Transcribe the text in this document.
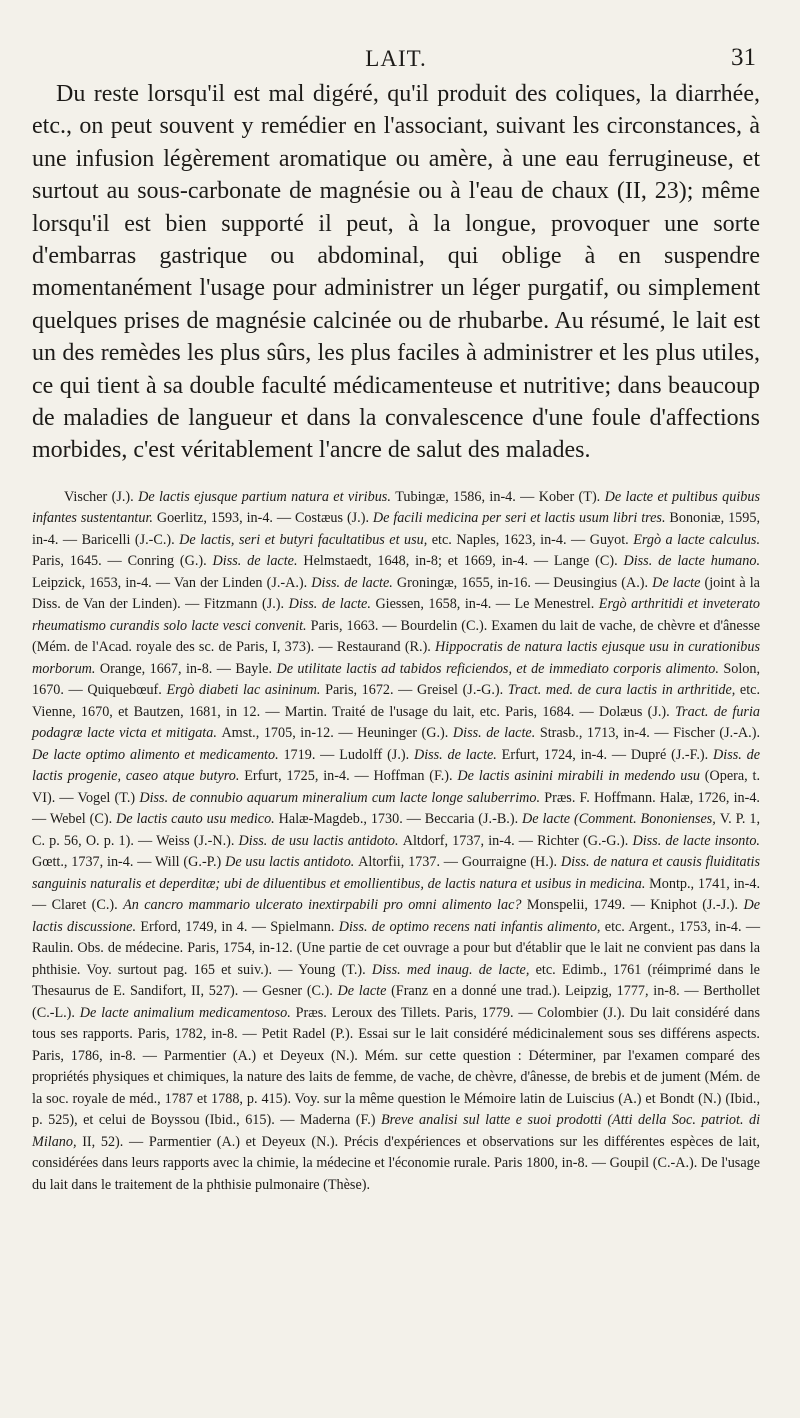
LAIT.	31

Du reste lorsqu'il est mal digéré, qu'il produit des coliques, la diarrhée, etc., on peut souvent y remédier en l'associant, suivant les circonstances, à une infusion légèrement aromatique ou amère, à une eau ferrugineuse, et surtout au sous-carbonate de magnésie ou à l'eau de chaux (II, 23); même lorsqu'il est bien supporté il peut, à la longue, provoquer une sorte d'embarras gastrique ou abdominal, qui oblige à en suspendre momentanément l'usage pour administrer un léger purgatif, ou simplement quelques prises de magnésie calcinée ou de rhubarbe. Au résumé, le lait est un des remèdes les plus sûrs, les plus faciles à administrer et les plus utiles, ce qui tient à sa double faculté médicamenteuse et nutritive; dans beaucoup de maladies de langueur et dans la convalescence d'une foule d'affections morbides, c'est véritablement l'ancre de salut des malades.

Vischer (J.). De lactis ejusque partium natura et viribus. Tubingæ, 1586, in-4. — Kober (T). De lacte et pultibus quibus infantes sustentantur. Goerlitz, 1593, in-4. — Costæus (J.). De facili medicina per seri et lactis usum libri tres. Bononiæ, 1595, in-4. — Baricelli (J.-C.). De lactis, seri et butyri facultatibus et usu, etc. Naples, 1623, in-4. — Guyot. Ergò a lacte calculus. Paris, 1645. — Conring (G.). Diss. de lacte. Helmstaedt, 1648, in-8; et 1669, in-4. — Lange (C). Diss. de lacte humano. Leipzick, 1653, in-4. — Van der Linden (J.-A.). Diss. de lacte. Groningæ, 1655, in-16. — Deusingius (A.). De lacte (joint à la Diss. de Van der Linden). — Fitzmann (J.). Diss. de lacte. Giessen, 1658, in-4. — Le Menestrel. Ergò arthritidi et inveterato rheumatismo curandis solo lacte vesci convenit. Paris, 1663. — Bourdelin (C.). Examen du lait de vache, de chèvre et d'ânesse (Mém. de l'Acad. royale des sc. de Paris, I, 373). — Restaurand (R.). Hippocratis de natura lactis ejusque usu in curationibus morborum. Orange, 1667, in-8. — Bayle. De utilitate lactis ad tabidos reficiendos, et de immediato corporis alimento. Solon, 1670. — Quiquebœuf. Ergò diabeti lac asininum. Paris, 1672. — Greisel (J.-G.). Tract. med. de cura lactis in arthritide, etc. Vienne, 1670, et Bautzen, 1681, in 12. — Martin. Traité de l'usage du lait, etc. Paris, 1684. — Dolæus (J.). Tract. de furia podagræ lacte victa et mitigata. Amst., 1705, in-12. — Heuninger (G.). Diss. de lacte. Strasb., 1713, in-4. — Fischer (J.-A.). De lacte optimo alimento et medicamento. 1719. — Ludolff (J.). Diss. de lacte. Erfurt, 1724, in-4. — Dupré (J.-F.). Diss. de lactis progenie, caseo atque butyro. Erfurt, 1725, in-4. — Hoffman (F.). De lactis asinini mirabili in medendo usu (Opera, t. VI). — Vogel (T.) Diss. de connubio aquarum mineralium cum lacte longe saluberrimo. Præs. F. Hoffmann. Halæ, 1726, in-4. — Webel (C). De lactis cauto usu medico. Halæ-Magdeb., 1730. — Beccaria (J.-B.). De lacte (Comment. Bononienses, V. P. 1, C. p. 56, O. p. 1). — Weiss (J.-N.). Diss. de usu lactis antidoto. Altdorf, 1737, in-4. — Richter (G.-G.). Diss. de lacte insonto. Gœtt., 1737, in-4. — Will (G.-P.) De usu lactis antidoto. Altorfii, 1737. — Gourraigne (H.). Diss. de natura et causis fluiditatis sanguinis naturalis et deperditæ; ubi de diluentibus et emollientibus, de lactis natura et usibus in medicina. Montp., 1741, in-4. — Claret (C.). An cancro mammario ulcerato inextirpabili pro omni alimento lac? Monspelii, 1749. — Kniphot (J.-J.). De lactis discussione. Erford, 1749, in 4. — Spielmann. Diss. de optimo recens nati infantis alimento, etc. Argent., 1753, in-4. — Raulin. Obs. de médecine. Paris, 1754, in-12. (Une partie de cet ouvrage a pour but d'établir que le lait ne convient pas dans la phthisie. Voy. surtout pag. 165 et suiv.). — Young (T.). Diss. med inaug. de lacte, etc. Edimb., 1761 (réimprimé dans le Thesaurus de E. Sandifort, II, 527). — Gesner (C.). De lacte (Franz en a donné une trad.). Leipzig, 1777, in-8. — Berthollet (C.-L.). De lacte animalium medicamentoso. Præs. Leroux des Tillets. Paris, 1779. — Colombier (J.). Du lait considéré dans tous ses rapports. Paris, 1782, in-8. — Petit Radel (P.). Essai sur le lait considéré médicinalement sous ses différens aspects. Paris, 1786, in-8. — Parmentier (A.) et Deyeux (N.). Mém. sur cette question : Déterminer, par l'examen comparé des propriétés physiques et chimiques, la nature des laits de femme, de vache, de chèvre, d'ânesse, de brebis et de jument (Mém. de la soc. royale de méd., 1787 et 1788, p. 415). Voy. sur la même question le Mémoire latin de Luiscius (A.) et Bondt (N.) (Ibid., p. 525), et celui de Boyssou (Ibid., 615). — Maderna (F.) Breve analisi sul latte e suoi prodotti (Atti della Soc. patriot. di Milano, II, 52). — Parmentier (A.) et Deyeux (N.). Précis d'expériences et observations sur les différentes espèces de lait, considérées dans leurs rapports avec la chimie, la médecine et l'économie rurale. Paris 1800, in-8. — Goupil (C.-A.). De l'usage du lait dans le traitement de la phthisie pulmonaire (Thèse).
